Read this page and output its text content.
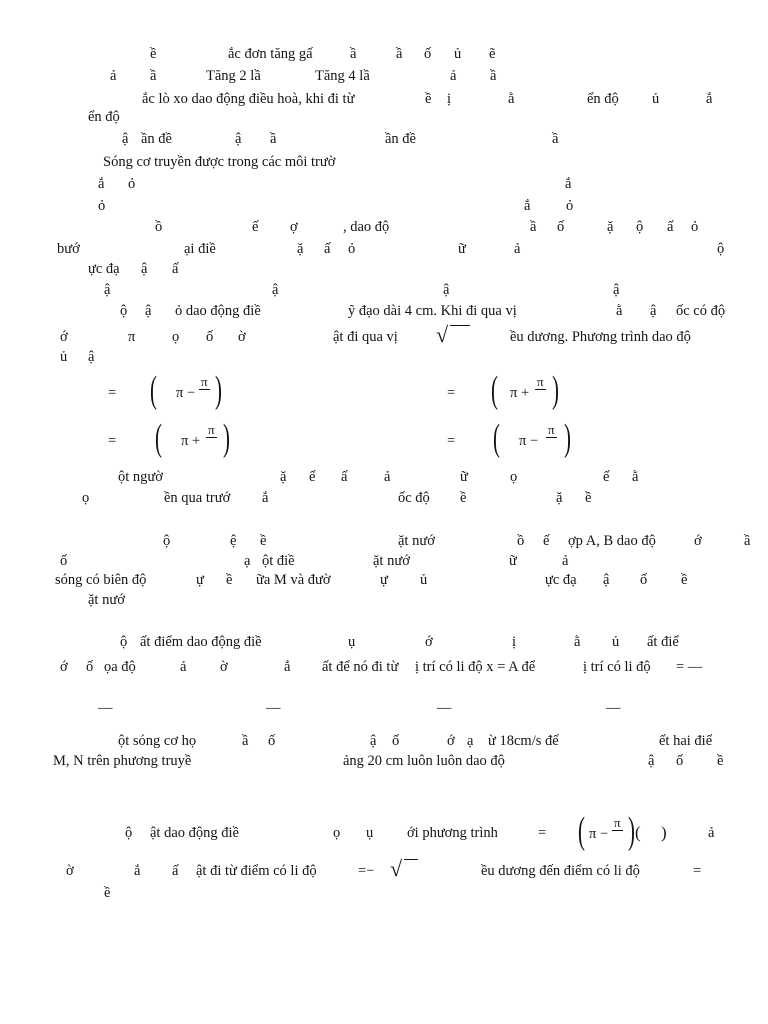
ề	ắc đơn tăng gấ	ầ	ầ ố ủ ẽ
ả ầ	Tăng 2 lầ	Tăng 4 lầ	ả ầ
ắc lò xo dao động điều hoà, khi đi từ	ề ị	ằ	ển độ ủ	ắ
ển độ
ậ ần đề	ậ ầ	ần đề	ầ
Sóng cơ truyền được trong các môi trườ
ắ ỏ	ắ
ỏ	ắ ỏ
ồ	ế ợ	, dao độ	ầ ố	ặ ộ ấ ỏ
bướ	ại điề	ặ ấ ỏ	ữ	ả	ộ
ực đạ ậ ấ
ậ	ậ	ậ	ậ
ộ ậ ỏ dao động điề	ỹ đạo dài 4 cm. Khi đi qua vị	ằ ậ ốc có độ
ớ	π	ọ ố ờ	ật đi qua vị √	ều dương. Phương trình dao độ
ủ ậ
= ( π −
π )	= ( π +
π )
= ( π +
π )	= ( π −
π )
ột ngườ	ặ ể ấ	ả	ữ	ọ	ế ằ
ọ	ền qua trướ ắ	ốc độ ề	ặ ề
ộ	ệ ề	ặt nướ	ồ ế ợp A, B dao độ	ớ	ầ
ố	ạ ột điề	ặt nướ	ữ	ả
sóng có biên độ	ự ề ữa M và đườ	ự ủ	ực đạ ậ ố ề
ặt nướ
ộ ất điểm dao động điề	ụ	ớ	ị	ằ ủ ất điể
ớ ố ọa độ	ả ờ	ắ ất để nó đi từ ị trí có li độ x = A để	ị trí có li độ = —
—	—	—	—
ột sóng cơ họ	ầ ố	ậ ố	ớ ạ ừ 18cm/s để	ết hai điể
M, N trên phương truyề	ảng 20 cm luôn luôn dao độ	ậ ố ề
ộ ật dao động điề	ọ ụ ới phương trình	=	ả
( π −
π ) ( )
ờ	ắ ấ ật đi từ điểm có li độ	=− √	ều dương đến điểm có li độ	=
ề
